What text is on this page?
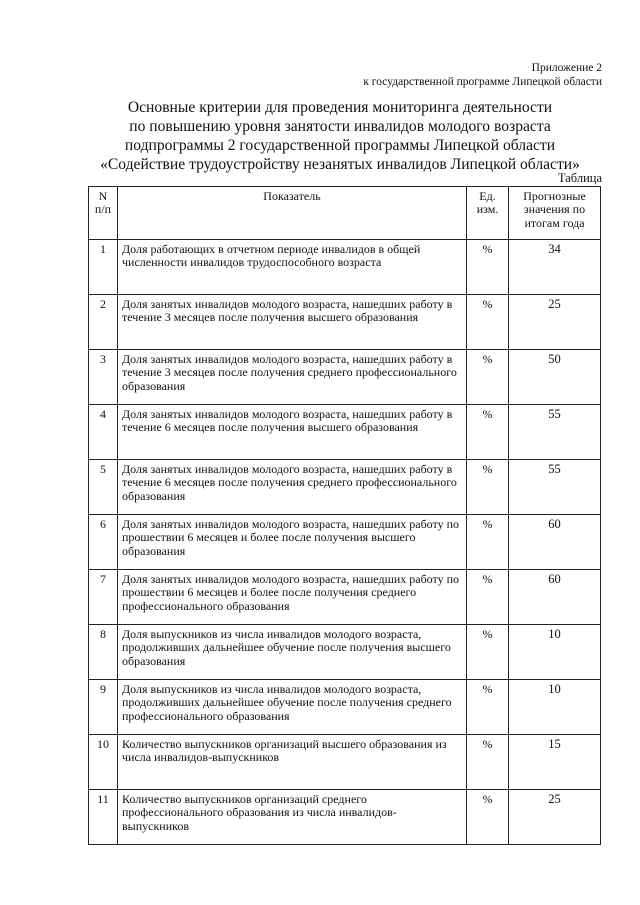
Приложение 2
к государственной программе Липецкой области
Основные критерии для проведения мониторинга деятельности
по повышению уровня занятости инвалидов молодого возраста
подпрограммы 2 государственной программы Липецкой области
«Содействие трудоустройству незанятых инвалидов Липецкой области»
Таблица
N п/п	Показатель	Ед. изм.	Прогнозные значения по итогам года
1	Доля работающих в отчетном периоде инвалидов в общей численности инвалидов трудоспособного возраста	%	34
2	Доля занятых инвалидов молодого возраста, нашедших работу в течение 3 месяцев после получения высшего образования	%	25
3	Доля занятых инвалидов молодого возраста, нашедших работу в течение 3 месяцев после получения среднего профессионального образования	%	50
4	Доля занятых инвалидов молодого возраста, нашедших работу в течение 6 месяцев после получения высшего образования	%	55
5	Доля занятых инвалидов молодого возраста, нашедших работу в течение 6 месяцев после получения среднего профессионального образования	%	55
6	Доля занятых инвалидов молодого возраста, нашедших работу по прошествии 6 месяцев и более после получения высшего образования	%	60
7	Доля занятых инвалидов молодого возраста, нашедших работу по прошествии 6 месяцев и более после получения среднего профессионального образования	%	60
8	Доля выпускников из числа инвалидов молодого возраста, продолживших дальнейшее обучение после получения высшего образования	%	10
9	Доля выпускников из числа инвалидов молодого возраста, продолживших дальнейшее обучение после получения среднего профессионального образования	%	10
10	Количество выпускников организаций высшего образования из числа инвалидов-выпускников	%	15
11	Количество выпускников организаций среднего профессионального образования из числа инвалидов-выпускников	%	25
